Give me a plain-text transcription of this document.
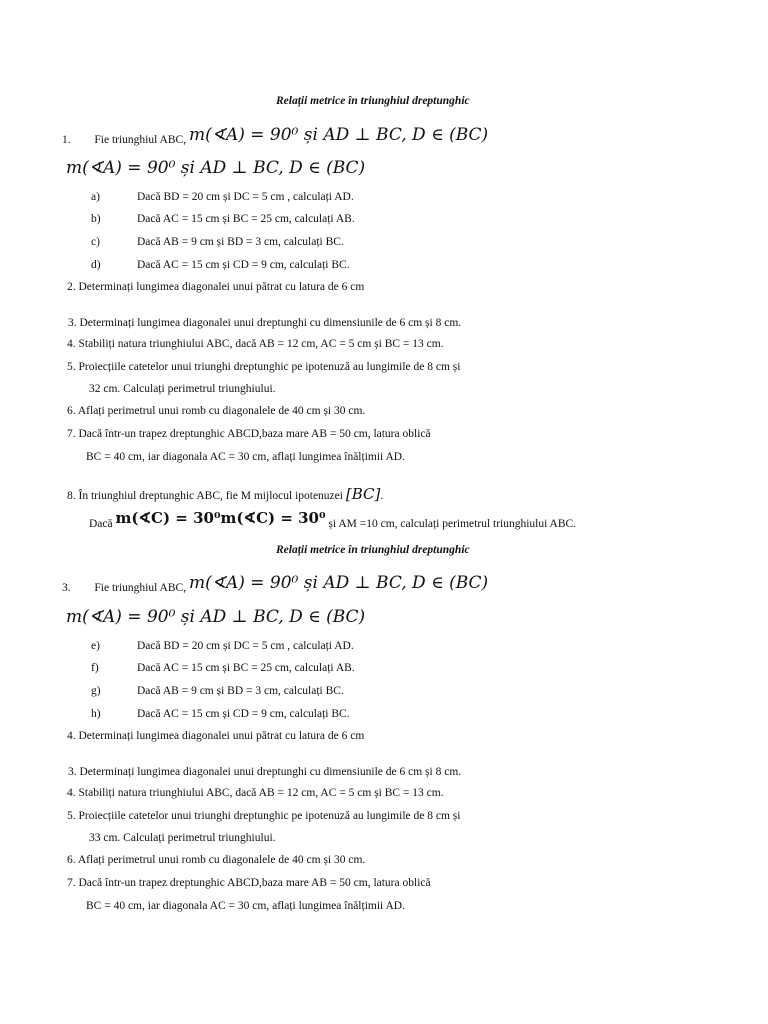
Relații metrice în triunghiul dreptunghic
1. Fie triunghiul ABC, m(∢A) = 90⁰ și AD ⊥ BC, D ∈ (BC)
m(∢A) = 90⁰ și AD ⊥ BC, D ∈ (BC)
a)	Dacă BD = 20 cm și DC = 5 cm , calculați AD.
b)	Dacă AC = 15 cm și BC = 25 cm, calculați AB.
c)	Dacă AB = 9 cm și BD = 3 cm, calculați BC.
d)	Dacă AC = 15 cm și CD = 9 cm, calculați BC.
2. Determinați lungimea diagonalei unui pătrat cu latura de 6 cm
3. Determinați lungimea diagonalei unui dreptunghi cu dimensiunile de 6 cm și 8 cm.
4. Stabiliți natura triunghiului ABC, dacă AB = 12 cm, AC = 5 cm și BC = 13 cm.
5. Proiecțiile catetelor unui triunghi dreptunghic pe ipotenuză au lungimile de 8 cm și
32 cm. Calculați perimetrul triunghiului.
6. Aflați perimetrul unui romb cu diagonalele de 40 cm și 30 cm.
7. Dacă într-un trapez dreptunghic ABCD,baza mare AB = 50 cm, latura oblică
BC = 40 cm, iar diagonala AC = 30 cm, aflați lungimea înălțimii AD.
8. În triunghiul dreptunghic ABC, fie M mijlocul ipotenuzei [BC].
Dacă m(∢C) = 3𝟎⁰m(∢C) = 3𝟎⁰ și AM =10 cm, calculați perimetrul triunghiului ABC.
Relații metrice în triunghiul dreptunghic
3. Fie triunghiul ABC, m(∢A) = 90⁰ și AD ⊥ BC, D ∈ (BC)
m(∢A) = 90⁰ și AD ⊥ BC, D ∈ (BC)
e)	Dacă BD = 20 cm și DC = 5 cm , calculați AD.
f)	Dacă AC = 15 cm și BC = 25 cm, calculați AB.
g)	Dacă AB = 9 cm și BD = 3 cm, calculați BC.
h)	Dacă AC = 15 cm și CD = 9 cm, calculați BC.
4. Determinați lungimea diagonalei unui pătrat cu latura de 6 cm
3. Determinați lungimea diagonalei unui dreptunghi cu dimensiunile de 6 cm și 8 cm.
4. Stabiliți natura triunghiului ABC, dacă AB = 12 cm, AC = 5 cm și BC = 13 cm.
5. Proiecțiile catetelor unui triunghi dreptunghic pe ipotenuză au lungimile de 8 cm și
33 cm. Calculați perimetrul triunghiului.
6. Aflați perimetrul unui romb cu diagonalele de 40 cm și 30 cm.
7. Dacă într-un trapez dreptunghic ABCD,baza mare AB = 50 cm, latura oblică
BC = 40 cm, iar diagonala AC = 30 cm, aflați lungimea înălțimii AD.
